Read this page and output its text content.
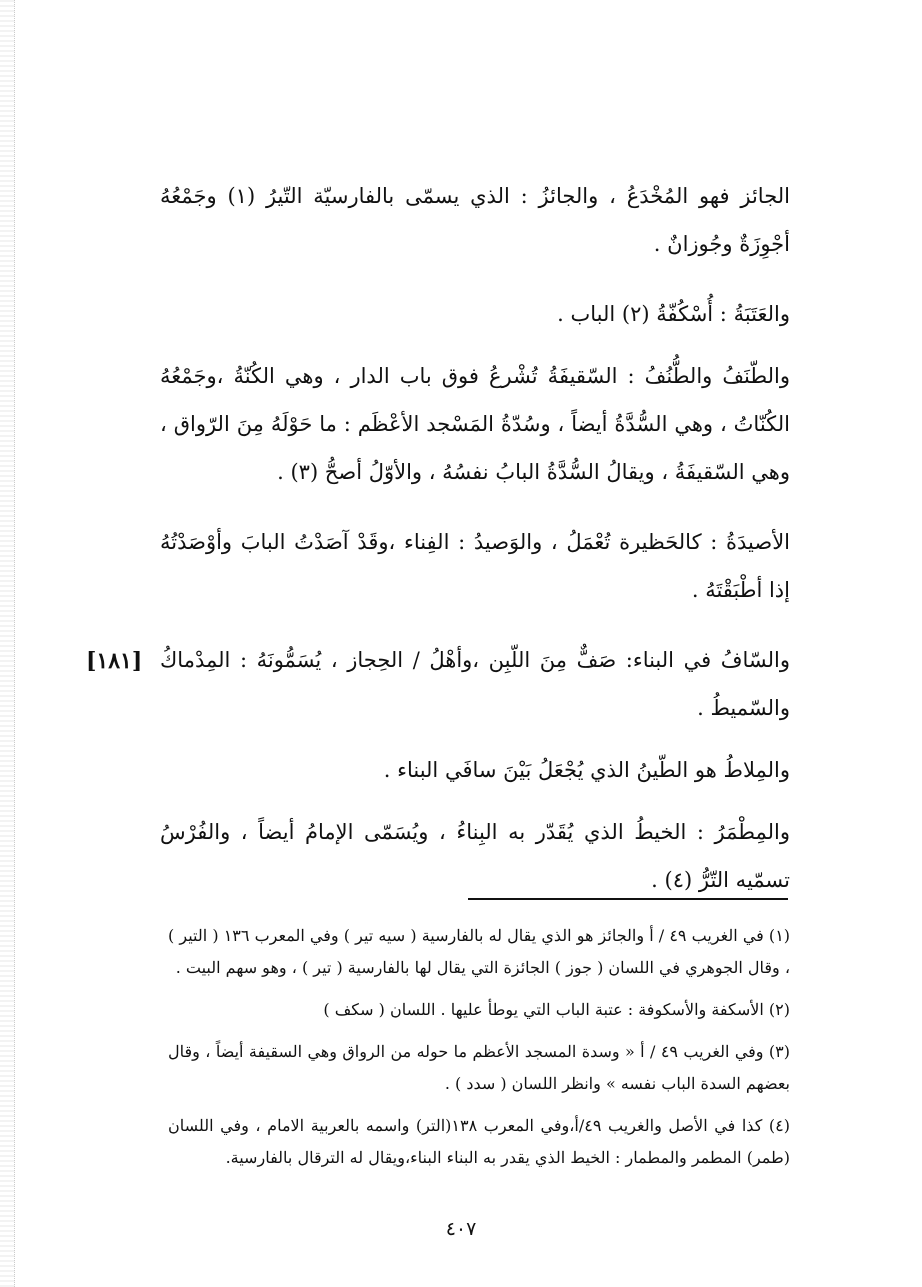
الجائز فهو المُخْدَعُ ، والجائزُ : الذي يسمّى بالفارسيّة التّيرُ (١) وجَمْعُهُ أجْوِزَةٌ وجُوزانٌ .

والعَتَبَةُ : أُسْكُفّةُ (٢) الباب .

والطّنَفُ والطُّنُفُ : السّقيفَةُ تُشْرعُ فوق باب الدار ، وهي الكُنّةُ ،وجَمْعُهُ الكُنّاتُ ، وهي السُّدَّةُ أيضاً ، وسُدّةُ المَسْجد الأعْظَم : ما حَوْلَهُ مِنَ الرّواق ، وهي السّقيفَةُ ، ويقالُ السُّدَّةُ البابُ نفسُهُ ، والأوّلُ أصحُّ (٣) .

الأصيدَةُ : كالحَظيرة تُعْمَلُ ، والوَصيدُ : الفِناء ،وقَدْ آصَدْتُ البابَ وأوْصَدْتُهُ إذا أطْبَقْتَهُ .

والسّافُ في البناء: صَفٌّ مِنَ اللّبِن ،وأهْلُ / الحِجاز ، يُسَمُّونَهُ : المِدْماكُ والسّميطُ .

والمِلاطُ هو الطّينُ الذي يُجْعَلُ بَيْنَ سافَي البناء .

والمِطْمَرُ : الخيطُ الذي يُقَدّر به البِناءُ ، ويُسَمّى الإمامُ أيضاً ، والفُرْسُ تسمّيه التّرُّ (٤) .

[١٨١]

(١) في الغريب ٤٩ / أ والجائز هو الذي يقال له بالفارسية ( سيه تير ) وفي المعرب ١٣٦ ( التير ) ، وقال الجوهري في اللسان ( جوز ) الجائزة التي يقال لها بالفارسية ( تير ) ، وهو سهم البيت .

(٢) الأسكفة والأسكوفة : عتبة الباب التي يوطأ عليها . اللسان ( سكف )

(٣) وفي الغريب ٤٩ / أ « وسدة المسجد الأعظم ما حوله من الرواق وهي السقيفة أيضاً ، وقال بعضهم السدة الباب نفسه » وانظر اللسان ( سدد ) .

(٤) كذا في الأصل والغريب ٤٩/أ،وفي المعرب ١٣٨(التر) واسمه بالعربية الامام ، وفي اللسان (طمر) المطمر والمطمار : الخيط الذي يقدر به البناء البناء،ويقال له الترقال بالفارسية.

٤٠٧
